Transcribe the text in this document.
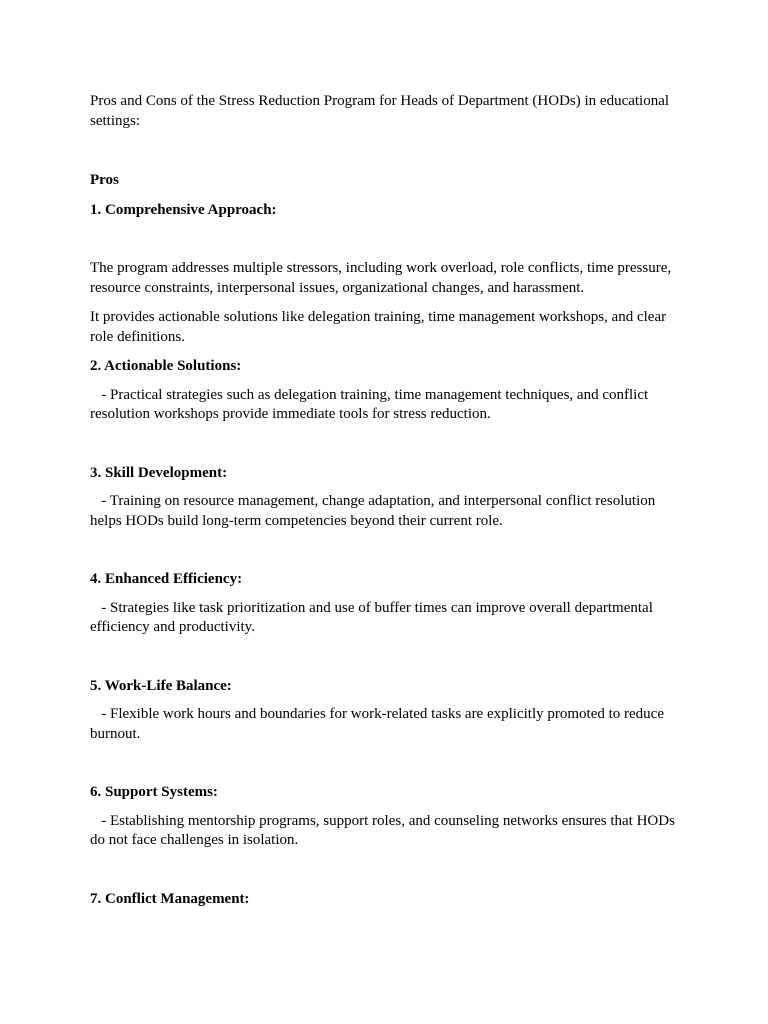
Pros and Cons of the Stress Reduction Program for Heads of Department (HODs) in educational settings:

Pros

1. Comprehensive Approach:

The program addresses multiple stressors, including work overload, role conflicts, time pressure, resource constraints, interpersonal issues, organizational changes, and harassment.

It provides actionable solutions like delegation training, time management workshops, and clear role definitions.

2. Actionable Solutions:

- Practical strategies such as delegation training, time management techniques, and conflict resolution workshops provide immediate tools for stress reduction.

3. Skill Development:

- Training on resource management, change adaptation, and interpersonal conflict resolution helps HODs build long-term competencies beyond their current role.

4. Enhanced Efficiency:

- Strategies like task prioritization and use of buffer times can improve overall departmental efficiency and productivity.

5. Work-Life Balance:

- Flexible work hours and boundaries for work-related tasks are explicitly promoted to reduce burnout.

6. Support Systems:

- Establishing mentorship programs, support roles, and counseling networks ensures that HODs do not face challenges in isolation.

7. Conflict Management:
